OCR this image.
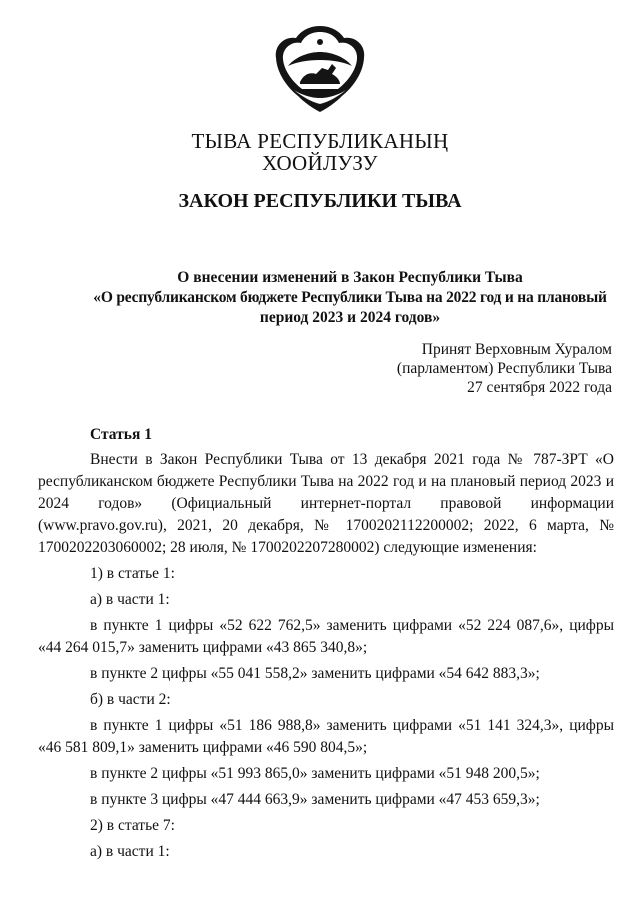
ТЫВА РЕСПУБЛИКАНЫҢ
ХООЙЛУЗУ
ЗАКОН РЕСПУБЛИКИ ТЫВА
О внесении изменений в Закон Республики Тыва
«О республиканском бюджете Республики Тыва на 2022 год и на плановый
период 2023 и 2024 годов»
Принят Верховным Хуралом
(парламентом) Республики Тыва
27 сентября 2022 года
Статья 1

Внести в Закон Республики Тыва от 13 декабря 2021 года № 787-ЗРТ «О республиканском бюджете Республики Тыва на 2022 год и на плановый период 2023 и 2024 годов» (Официальный интернет-портал правовой информации (www.pravo.gov.ru), 2021, 20 декабря, № 1700202112200002; 2022, 6 марта, № 1700202203060002; 28 июля, № 1700202207280002) следующие изменения:

1) в статье 1:

а) в части 1:

в пункте 1 цифры «52 622 762,5» заменить цифрами «52 224 087,6», цифры «44 264 015,7» заменить цифрами «43 865 340,8»;

в пункте 2 цифры «55 041 558,2» заменить цифрами «54 642 883,3»;

б) в части 2:

в пункте 1 цифры «51 186 988,8» заменить цифрами «51 141 324,3», цифры «46 581 809,1» заменить цифрами «46 590 804,5»;

в пункте 2 цифры «51 993 865,0» заменить цифрами «51 948 200,5»;

в пункте 3 цифры «47 444 663,9» заменить цифрами «47 453 659,3»;

2) в статье 7:

а) в части 1:
